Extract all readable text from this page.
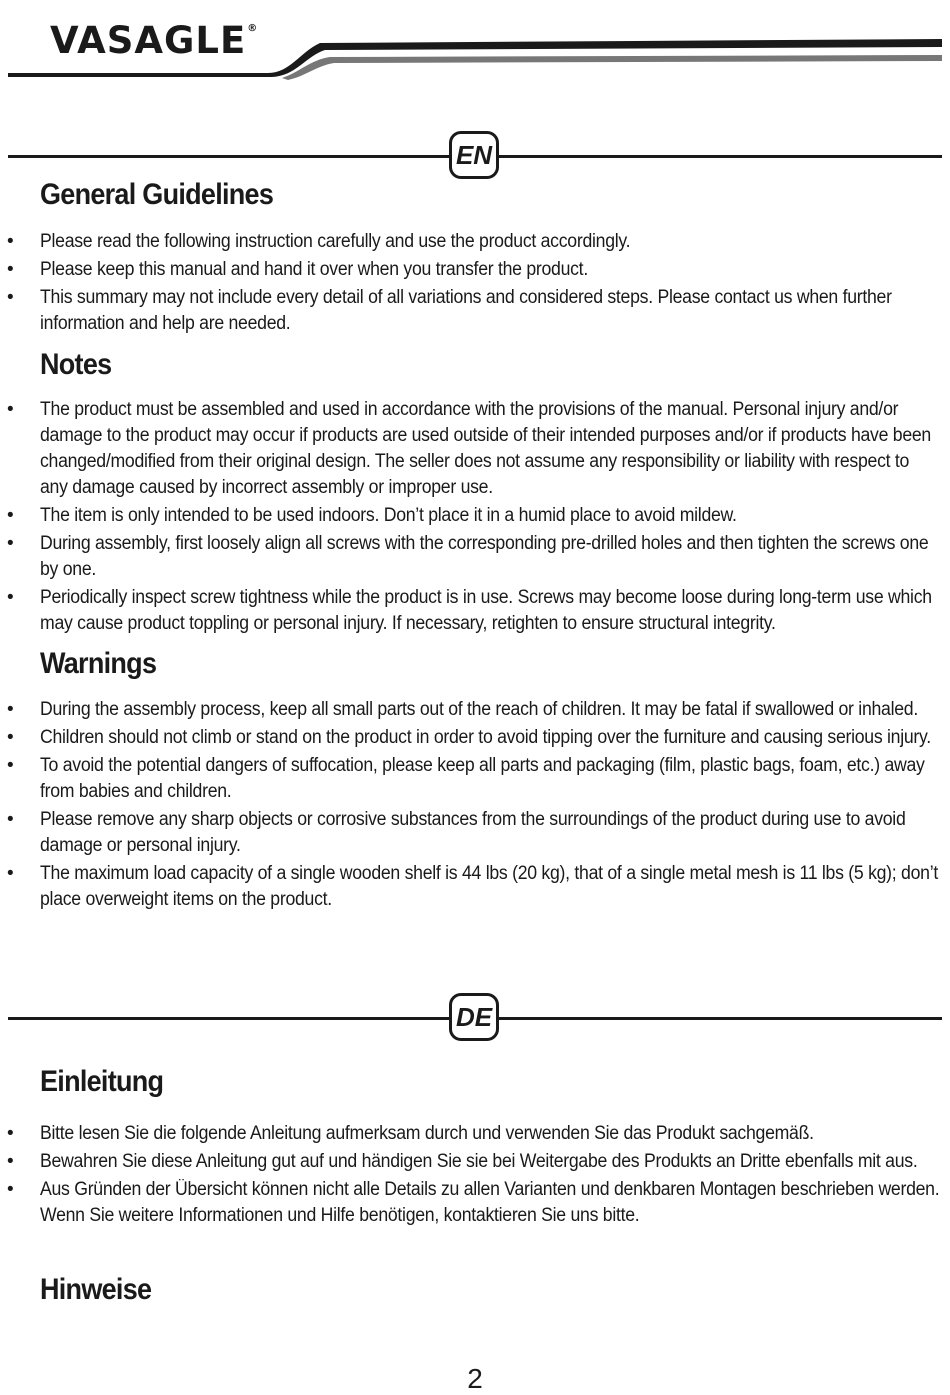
VASAGLE®
EN
General Guidelines
• Please read the following instruction carefully and use the product accordingly.
• Please keep this manual and hand it over when you transfer the product.
• This summary may not include every detail of all variations and considered steps. Please contact us when further information and help are needed.
Notes
• The product must be assembled and used in accordance with the provisions of the manual. Personal injury and/or damage to the product may occur if products are used outside of their intended purposes and/or if products have been changed/modified from their original design. The seller does not assume any responsibility or liability with respect to any damage caused by incorrect assembly or improper use.
• The item is only intended to be used indoors. Don’t place it in a humid place to avoid mildew.
• During assembly, first loosely align all screws with the corresponding pre-drilled holes and then tighten the screws one by one.
• Periodically inspect screw tightness while the product is in use. Screws may become loose during long-term use which may cause product toppling or personal injury. If necessary, retighten to ensure structural integrity.
Warnings
• During the assembly process, keep all small parts out of the reach of children. It may be fatal if swallowed or inhaled.
• Children should not climb or stand on the product in order to avoid tipping over the furniture and causing serious injury.
• To avoid the potential dangers of suffocation, please keep all parts and packaging (film, plastic bags, foam, etc.) away from babies and children.
• Please remove any sharp objects or corrosive substances from the surroundings of the product during use to avoid damage or personal injury.
• The maximum load capacity of a single wooden shelf is 44 lbs (20 kg), that of a single metal mesh is 11 lbs (5 kg); don’t place overweight items on the product.
DE
Einleitung
• Bitte lesen Sie die folgende Anleitung aufmerksam durch und verwenden Sie das Produkt sachgemäß.
• Bewahren Sie diese Anleitung gut auf und händigen Sie sie bei Weitergabe des Produkts an Dritte ebenfalls mit aus.
• Aus Gründen der Übersicht können nicht alle Details zu allen Varianten und denkbaren Montagen beschrieben werden. Wenn Sie weitere Informationen und Hilfe benötigen, kontaktieren Sie uns bitte.
Hinweise
2
